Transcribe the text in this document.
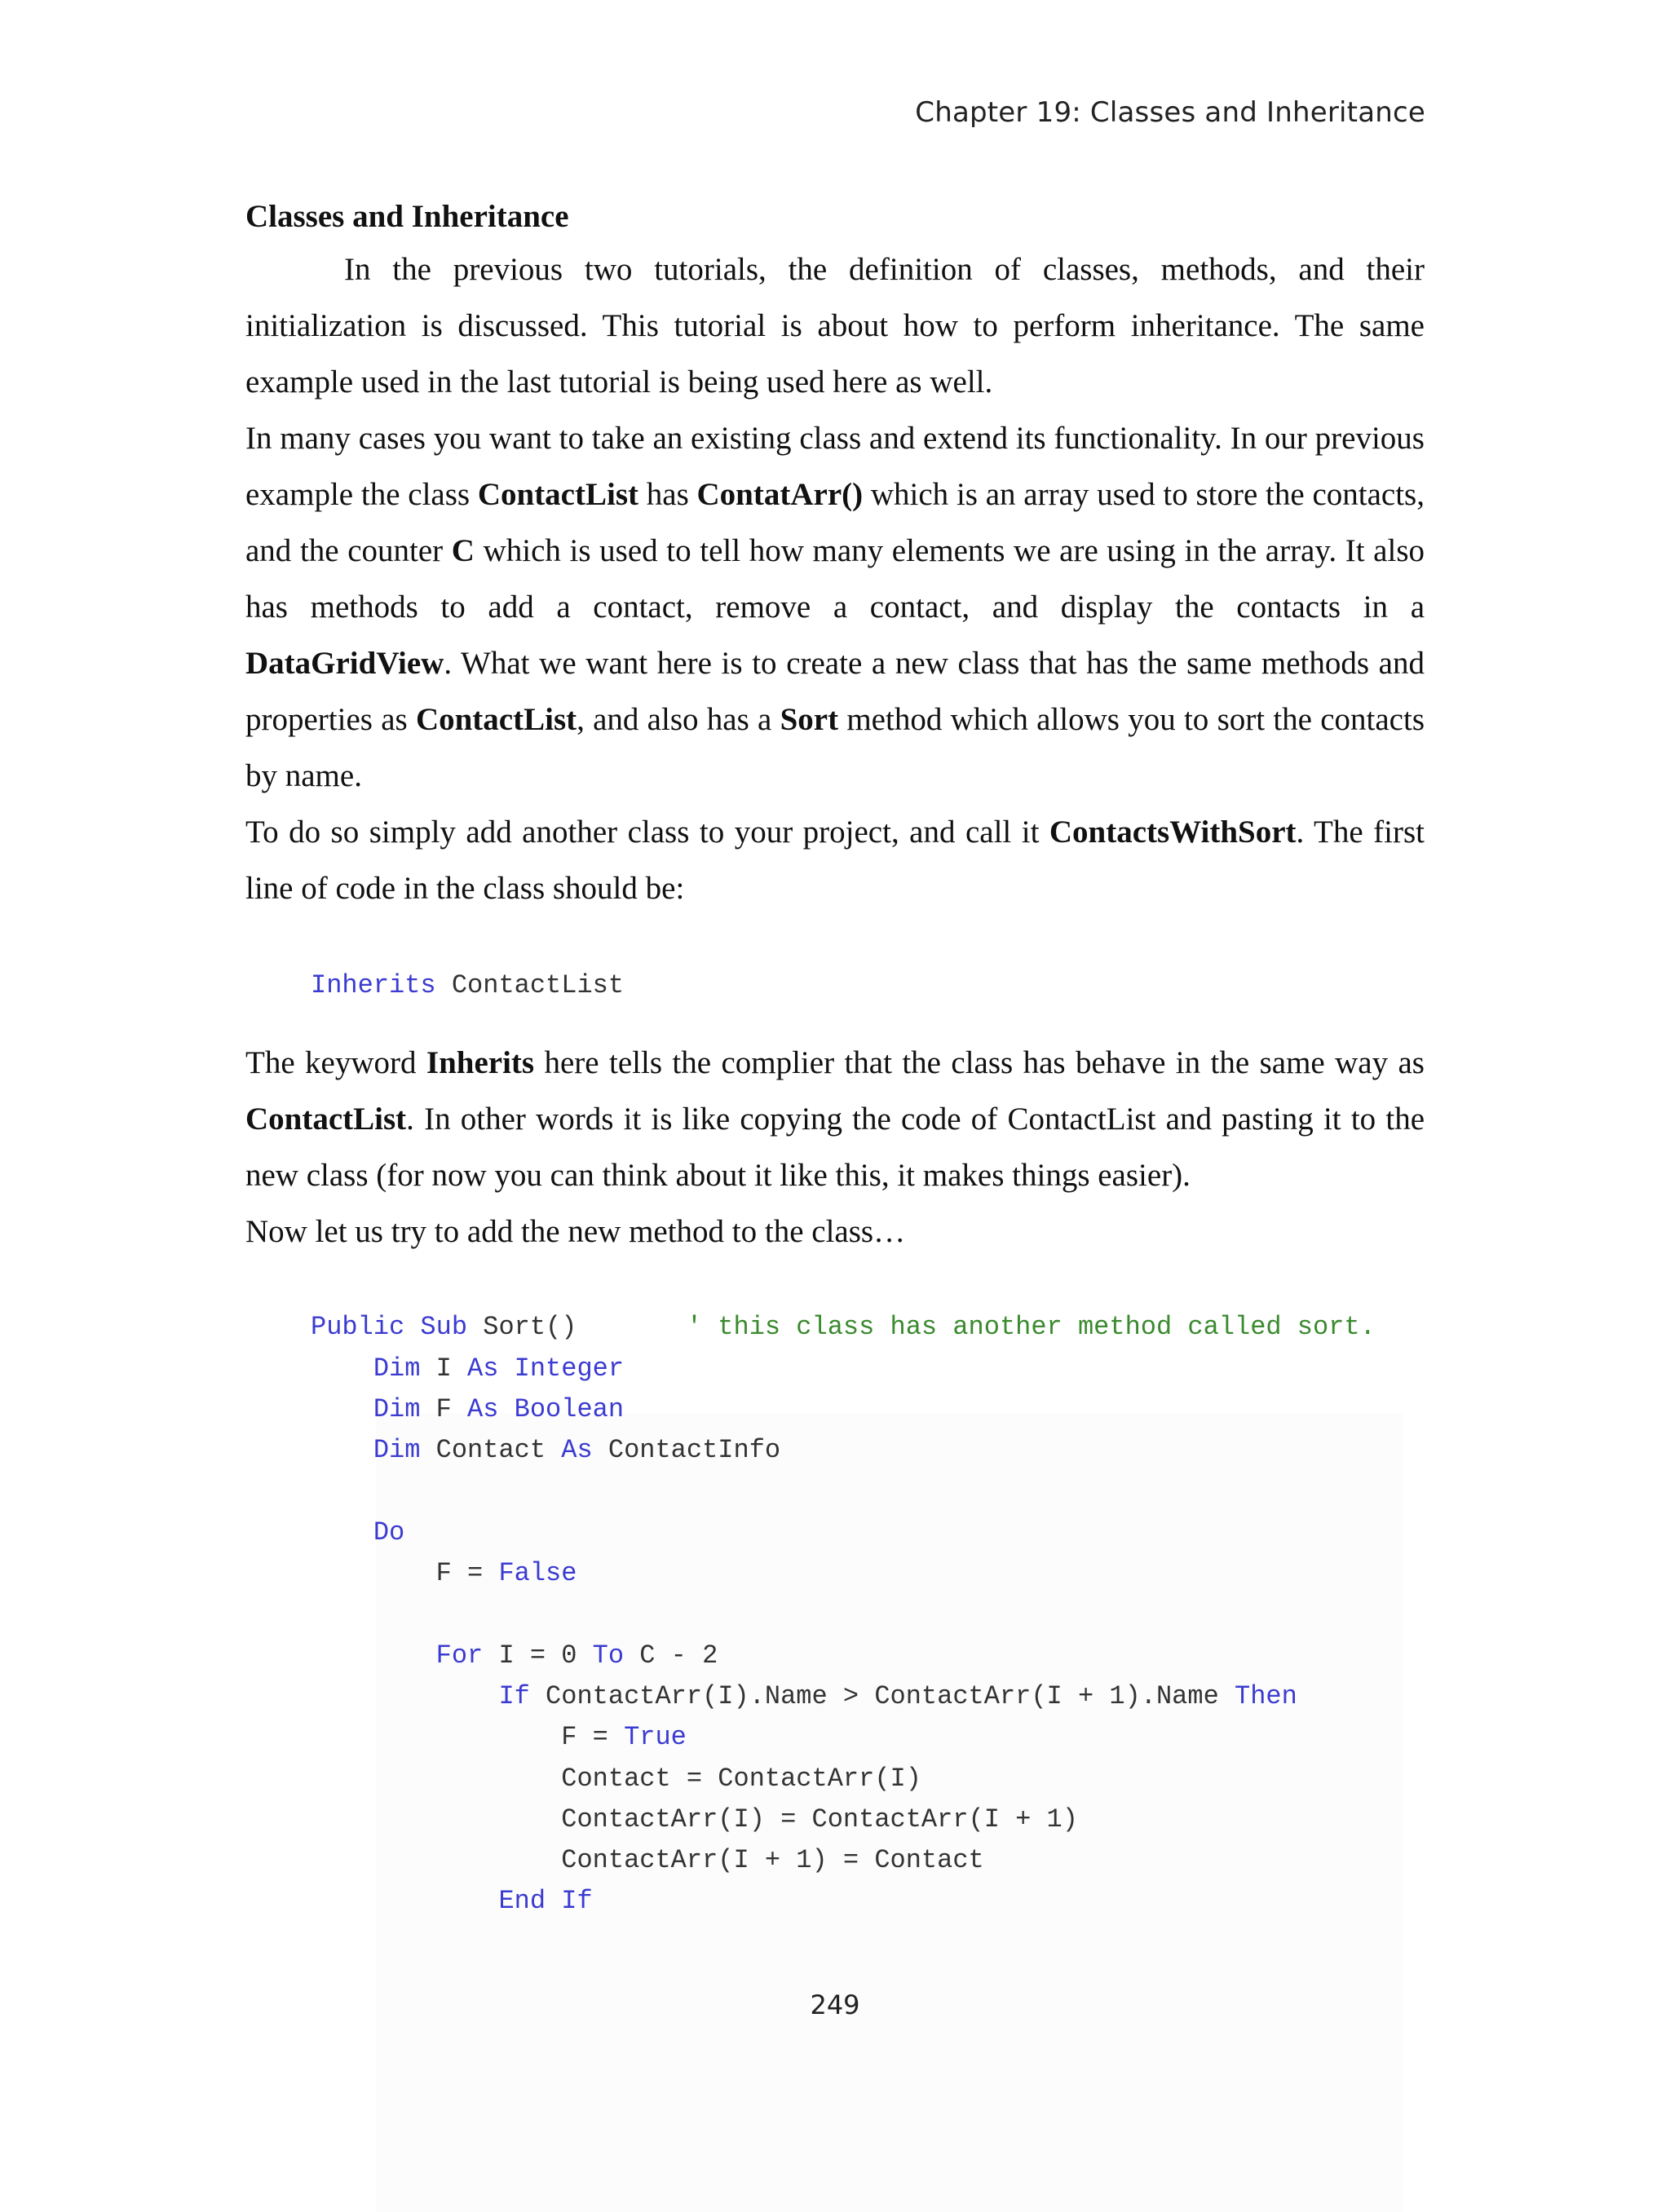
Chapter 19: Classes and Inheritance
Classes and Inheritance

In the previous two tutorials, the definition of classes, methods, and their initialization is discussed. This tutorial is about how to perform inheritance. The same example used in the last tutorial is being used here as well.

In many cases you want to take an existing class and extend its functionality. In our previous example the class ContactList has ContatArr() which is an array used to store the contacts, and the counter C which is used to tell how many elements we are using in the array. It also has methods to add a contact, remove a contact, and display the contacts in a DataGridView. What we want here is to create a new class that has the same methods and properties as ContactList, and also has a Sort method which allows you to sort the contacts by name.

To do so simply add another class to your project, and call it ContactsWithSort. The first line of code in the class should be:

Inherits ContactList

The keyword Inherits here tells the complier that the class has behave in the same way as ContactList. In other words it is like copying the code of ContactList and pasting it to the new class (for now you can think about it like this, it makes things easier).

Now let us try to add the new method to the class…

Public Sub Sort()       ' this class has another method called sort.
Dim I As Integer
Dim F As Boolean
Dim Contact As ContactInfo

Do
F = False

For I = 0 To C - 2
If ContactArr(I).Name > ContactArr(I + 1).Name Then
F = True
Contact = ContactArr(I)
ContactArr(I) = ContactArr(I + 1)
ContactArr(I + 1) = Contact
End If
249
